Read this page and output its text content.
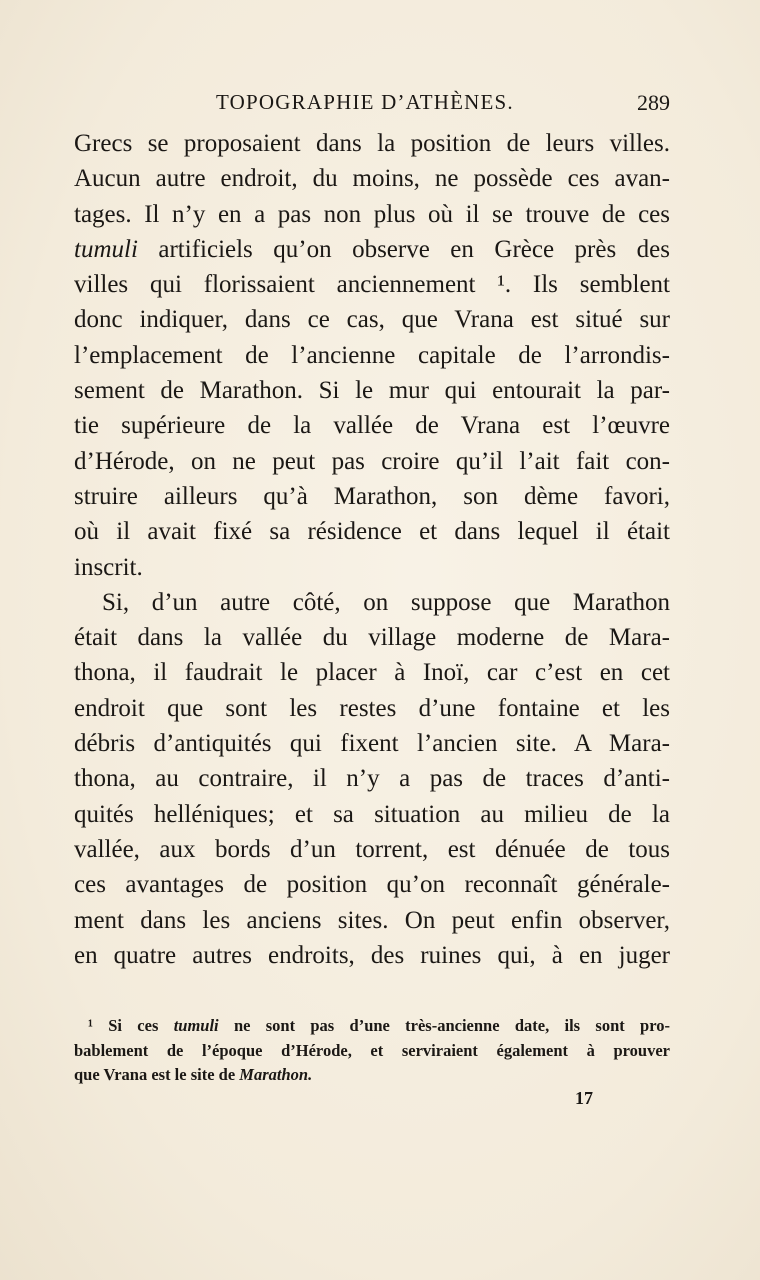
TOPOGRAPHIE D’ATHÈNES.	289
Grecs se proposaient dans la position de leurs villes.
Aucun autre endroit, du moins, ne possède ces avan-
tages. Il n’y en a pas non plus où il se trouve de ces
tumuli artificiels qu’on observe en Grèce près des
villes qui florissaient anciennement ¹. Ils semblent
donc indiquer, dans ce cas, que Vrana est situé sur
l’emplacement de l’ancienne capitale de l’arrondis-
sement de Marathon. Si le mur qui entourait la par-
tie supérieure de la vallée de Vrana est l’œuvre
d’Hérode, on ne peut pas croire qu’il l’ait fait con-
struire ailleurs qu’à Marathon, son dème favori,
où il avait fixé sa résidence et dans lequel il était
inscrit.
Si, d’un autre côté, on suppose que Marathon
était dans la vallée du village moderne de Mara-
thona, il faudrait le placer à Inoï, car c’est en cet
endroit que sont les restes d’une fontaine et les
débris d’antiquités qui fixent l’ancien site. A Mara-
thona, au contraire, il n’y a pas de traces d’anti-
quités helléniques; et sa situation au milieu de la
vallée, aux bords d’un torrent, est dénuée de tous
ces avantages de position qu’on reconnaît générale-
ment dans les anciens sites. On peut enfin observer,
en quatre autres endroits, des ruines qui, à en juger
¹ Si ces tumuli ne sont pas d’une très-ancienne date, ils sont pro-
bablement de l’époque d’Hérode, et serviraient également à prouver
que Vrana est le site de Marathon.
17
